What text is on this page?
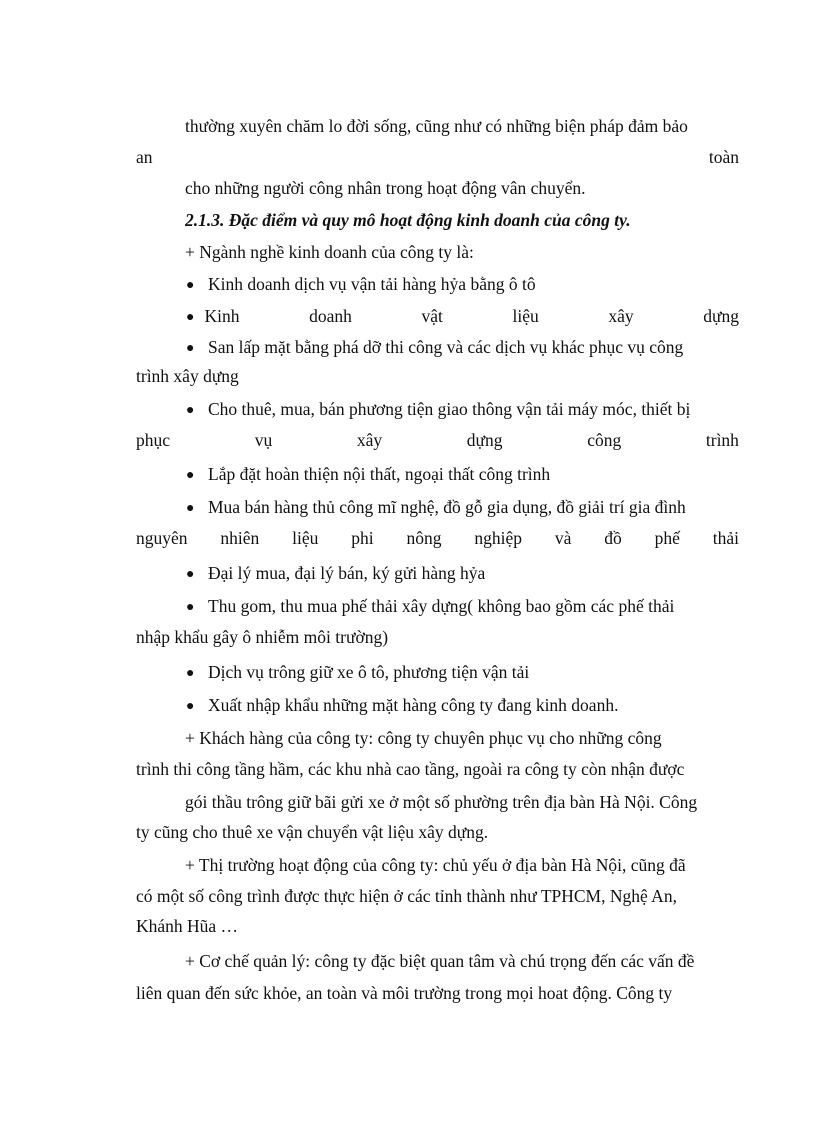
thường xuyên chăm lo đời sống, cũng như có những biện pháp đảm bảo
an	toàn
cho những người công nhân trong hoạt động vân chuyển.
2.1.3. Đặc điểm và quy mô hoạt động kinh doanh của công ty.
+ Ngành nghề kinh doanh của công ty là:
● Kinh doanh dịch vụ vận tải hàng hỷa bằng ô tô
● Kinh	doanh	vật	liệu	xây	dựng
● San lấp mặt bằng phá dỡ thi công và các dịch vụ khác phục vụ công
trình xây dựng
● Cho thuê, mua, bán phương tiện giao thông vận tải máy móc, thiết bị
phục	vụ	xây	dựng	công	trình
● Lắp đặt hoàn thiện nội thất, ngoại thất công trình
● Mua bán hàng thủ công mĩ nghệ, đồ gỗ gia dụng, đồ giải trí gia đình
nguyên nhiên liệu phi nông nghiệp và đồ phế thải
● Đại lý mua, đại lý bán, ký gửi hàng hỷa
● Thu gom, thu mua phế thải xây dựng( không bao gồm các phế thải
nhập khẩu gây ô nhiễm môi trường)
● Dịch vụ trông giữ xe ô tô, phương tiện vận tải
● Xuất nhập khẩu những mặt hàng công ty đang kinh doanh.
+ Khách hàng của công ty: công ty chuyên phục vụ cho những công
trình thi công tầng hầm, các khu nhà cao tầng, ngoài ra công ty còn nhận được
gói thầu trông giữ bãi gửi xe ở một số phường trên địa bàn Hà Nội. Công
ty cũng cho thuê xe vận chuyển vật liệu xây dựng.
+ Thị trường hoạt động của công ty: chủ yếu ở địa bàn Hà Nội, cũng đã
có một số công trình được thực hiện ở các tỉnh thành như TPHCM, Nghệ An,
Khánh Hũa …
+ Cơ chế quản lý: công ty đặc biệt quan tâm và chú trọng đến các vấn đề
liên quan đến sức khỏe, an toàn và môi trường trong mọi hoat động. Công ty
